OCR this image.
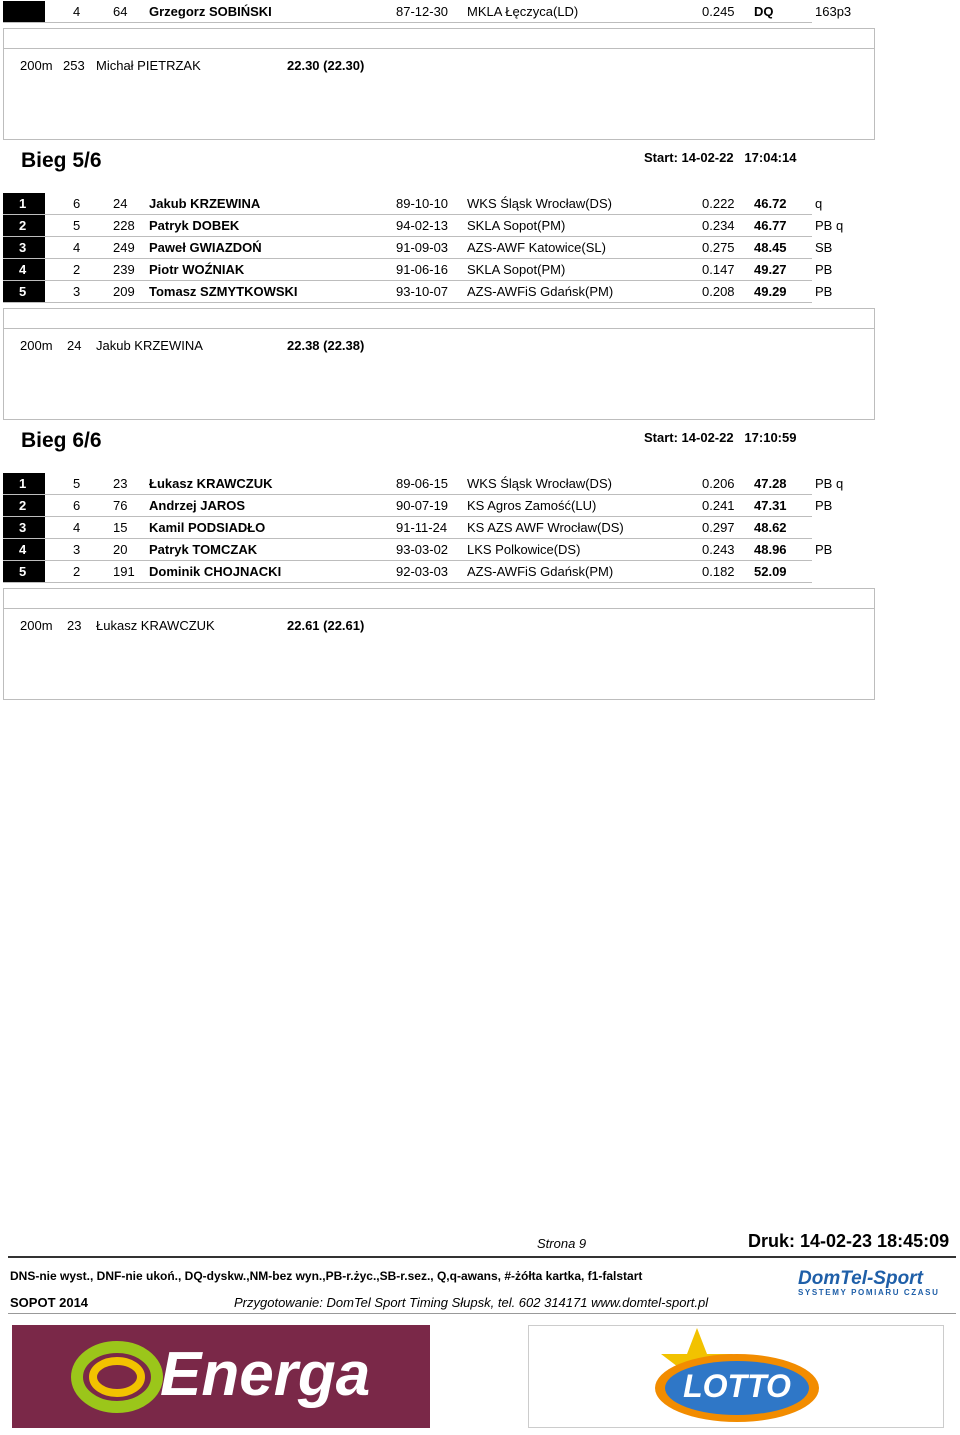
4	64 Grzegorz SOBIŃSKI	87-12-30 MKLA Łęczyca(LD)	0.245 DQ	163p3
200m 253 Michał PIETRZAK	22.30 (22.30)
Bieg 5/6	Start: 14-02-22   17:04:14
1	6	24 Jakub KRZEWINA	89-10-10 WKS Śląsk Wrocław(DS)	0.222 46.72 q
2	5	228 Patryk DOBEK	94-02-13 SKLA Sopot(PM)	0.234 46.77 PB q
3	4	249 Paweł GWIAZDOŃ	91-09-03 AZS-AWF Katowice(SL)	0.275 48.45 SB
4	2	239 Piotr WOŹNIAK	91-06-16 SKLA Sopot(PM)	0.147 49.27 PB
5	3	209 Tomasz SZMYTKOWSKI	93-10-07 AZS-AWFiS Gdańsk(PM)	0.208 49.29 PB
200m 24 Jakub KRZEWINA	22.38 (22.38)
Bieg 6/6	Start: 14-02-22   17:10:59
1	5	23 Łukasz KRAWCZUK	89-06-15 WKS Śląsk Wrocław(DS)	0.206 47.28 PB q
2	6	76 Andrzej JAROS	90-07-19 KS Agros Zamość(LU)	0.241 47.31 PB
3	4	15 Kamil PODSIADŁO	91-11-24 KS AZS AWF Wrocław(DS)	0.297 48.62
4	3	20 Patryk TOMCZAK	93-03-02 LKS Polkowice(DS)	0.243 48.96 PB
5	2	191 Dominik CHOJNACKI	92-03-03 AZS-AWFiS Gdańsk(PM)	0.182 52.09
200m 23 Łukasz KRAWCZUK	22.61 (22.61)
Strona 9	Druk: 14-02-23 18:45:09
DNS-nie wyst., DNF-nie ukoń., DQ-dyskw.,NM-bez wyn.,PB-r.życ.,SB-r.sez., Q,q-awans, #-żółta kartka, f1-falstart
SOPOT 2014	Przygotowanie: DomTel Sport Timing Słupsk, tel. 602 314171 www.domtel-sport.pl
DomTel-Sport
SYSTEMY POMIARU CZASU
Energa	LOTTO
